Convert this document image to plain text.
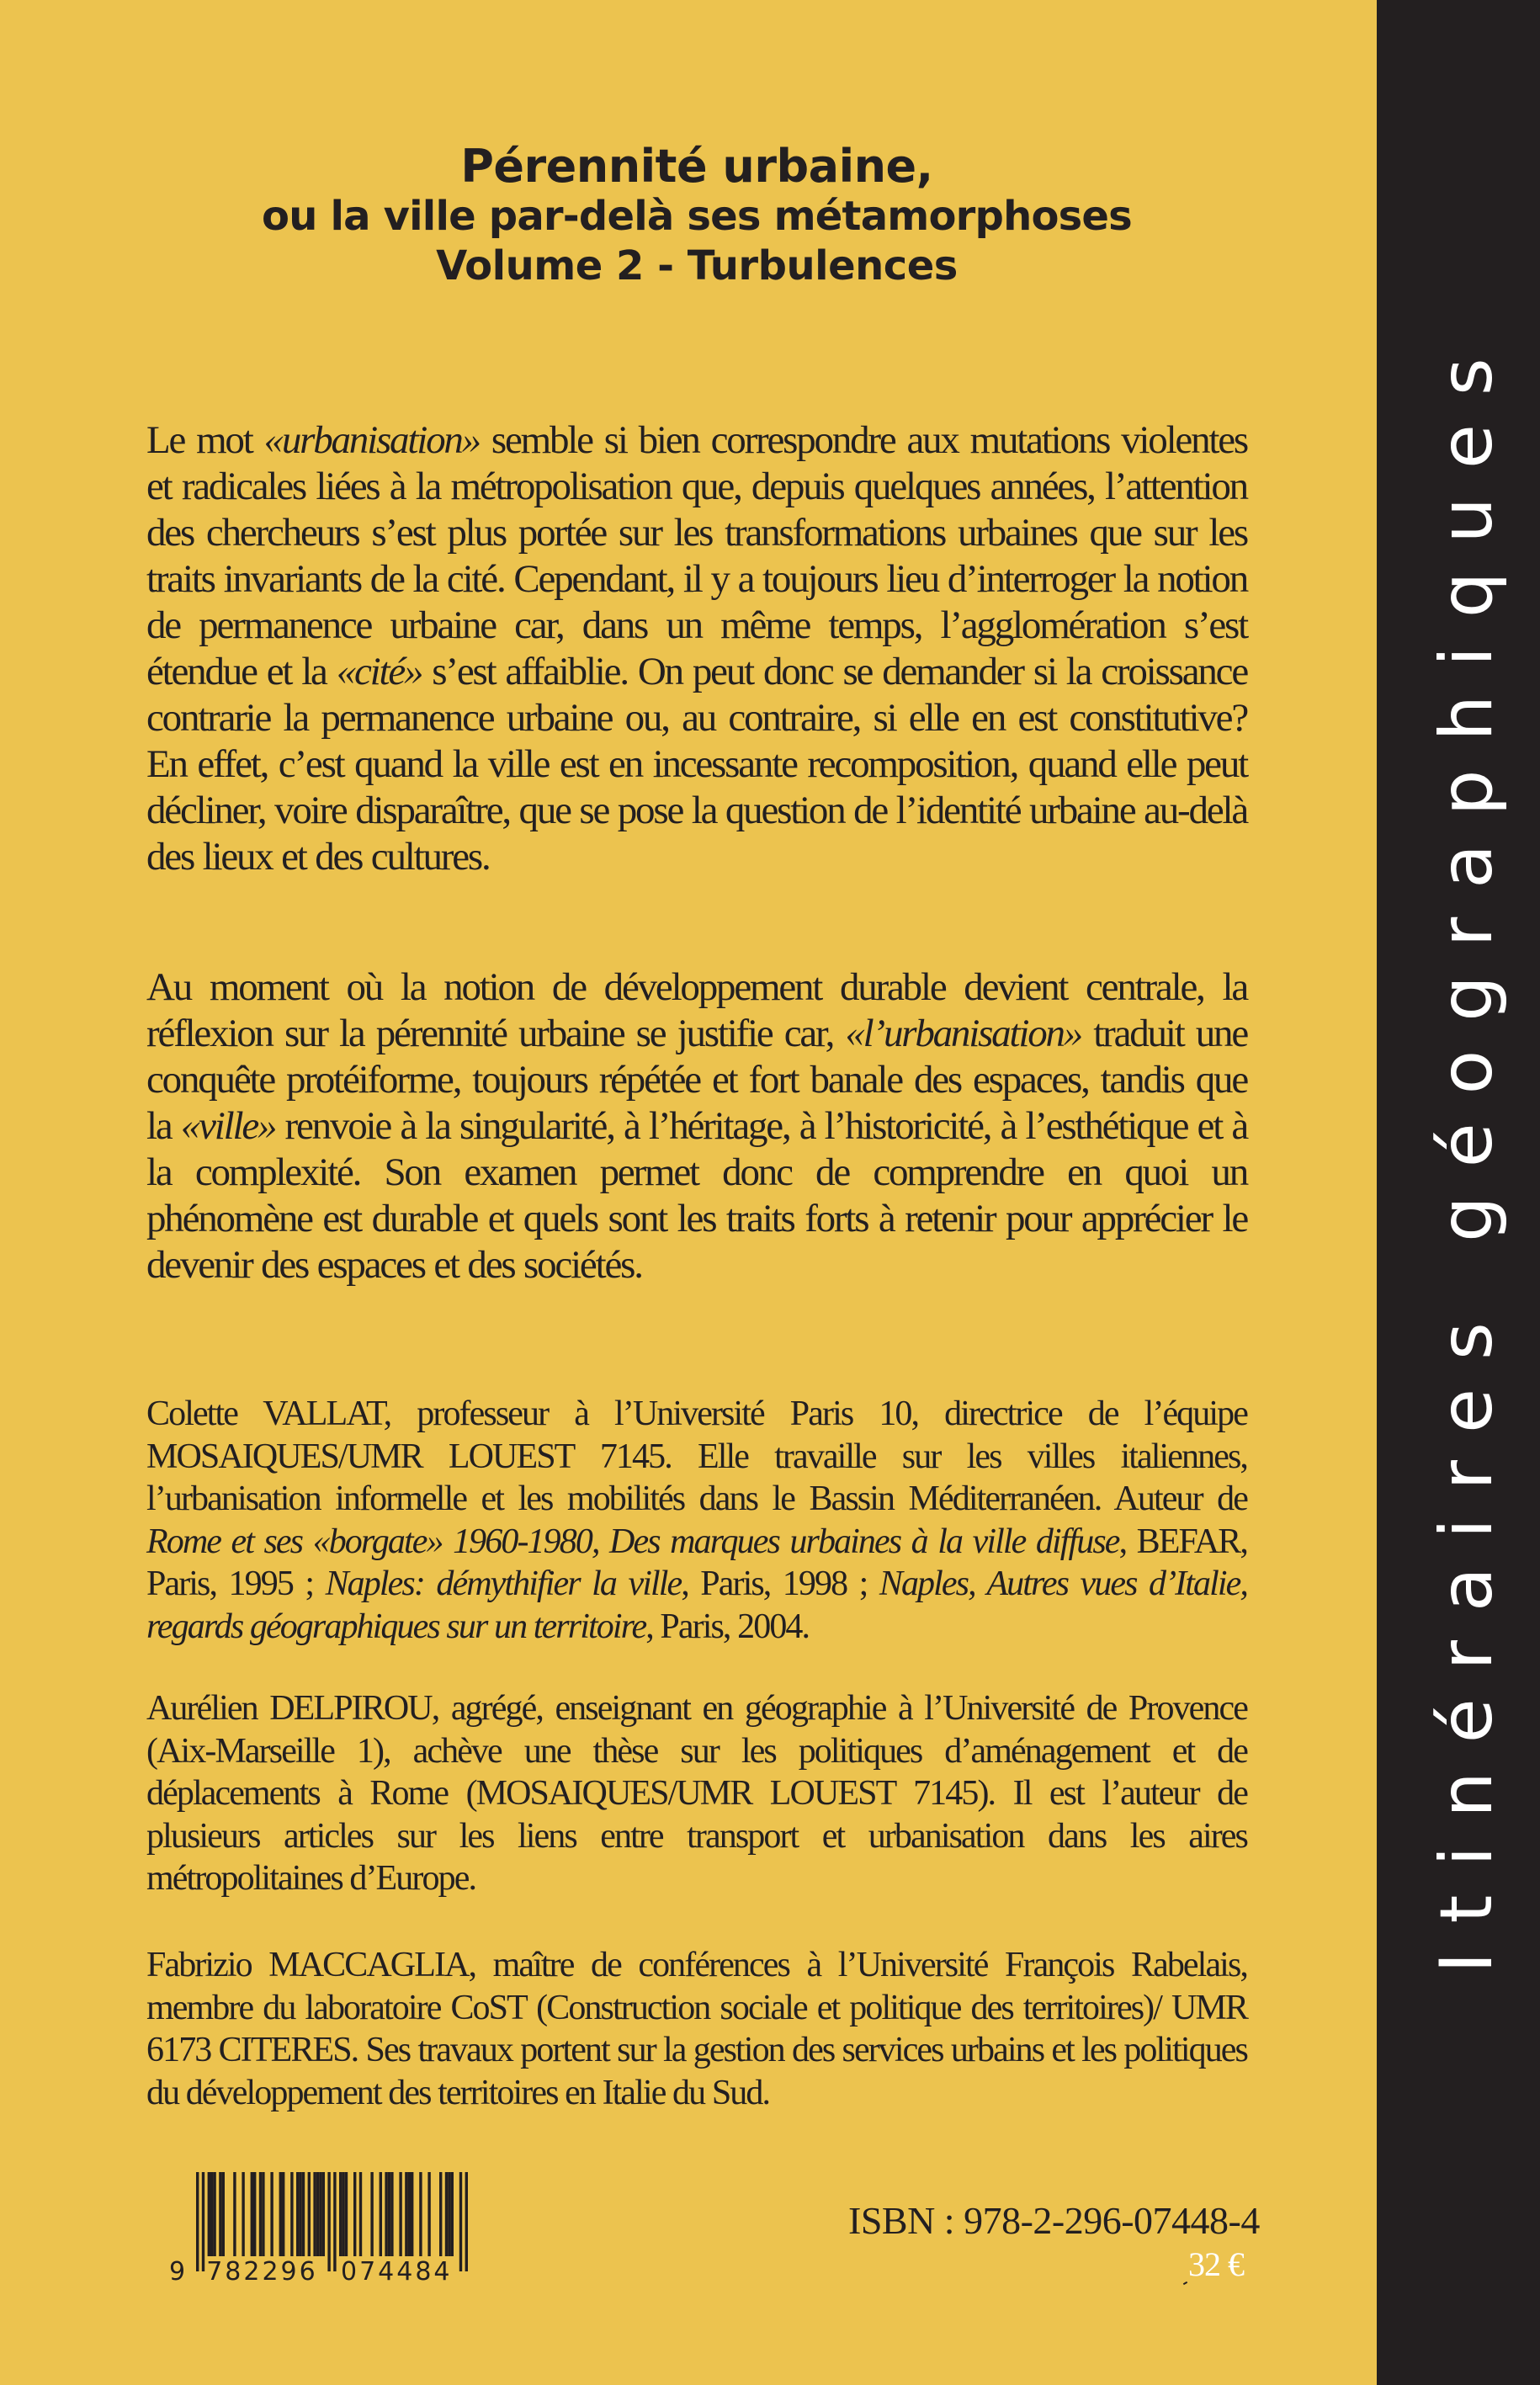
Itinéraires géographiques
Pérennité urbaine,
ou la ville par-delà ses métamorphoses
Volume 2 - Turbulences

Le mot «urbanisation» semble si bien correspondre aux mutations violentes et radicales liées à la métropolisation que, depuis quelques années, l’attention des chercheurs s’est plus portée sur les transformations urbaines que sur les traits invariants de la cité. Cependant, il y a toujours lieu d’interroger la notion de permanence urbaine car, dans un même temps, l’agglomération s’est étendue et la «cité» s’est affaiblie. On peut donc se demander si la croissance contrarie la permanence urbaine ou, au contraire, si elle en est constitutive? En effet, c’est quand la ville est en incessante recomposition, quand elle peut décliner, voire disparaître, que se pose la question de l’identité urbaine au-delà des lieux et des cultures.

Au moment où la notion de développement durable devient centrale, la réflexion sur la pérennité urbaine se justifie car, «l’urbanisation» traduit une conquête protéiforme, toujours répétée et fort banale des espaces, tandis que la «ville» renvoie à la singularité, à l’héritage, à l’historicité, à l’esthétique et à la complexité. Son examen permet donc de comprendre en quoi un phénomène est durable et quels sont les traits forts à retenir pour apprécier le devenir des espaces et des sociétés.

Colette VALLAT, professeur à l’Université Paris 10, directrice de l’équipe MOSAIQUES/UMR LOUEST 7145. Elle travaille sur les villes italiennes, l’urbanisation informelle et les mobilités dans le Bassin Méditerranéen. Auteur de Rome et ses «borgate» 1960-1980, Des marques urbaines à la ville diffuse, BEFAR, Paris, 1995 ; Naples: démythifier la ville, Paris, 1998 ; Naples, Autres vues d’Italie, regards géographiques sur un territoire, Paris, 2004.

Aurélien DELPIROU, agrégé, enseignant en géographie à l’Université de Provence (Aix-Marseille 1), achève une thèse sur les politiques d’aménagement et de déplacements à Rome (MOSAIQUES/UMR LOUEST 7145). Il est l’auteur de plusieurs articles sur les liens entre transport et urbanisation dans les aires métropolitaines d’Europe.

Fabrizio MACCAGLIA, maître de conférences à l’Université François Rabelais, membre du laboratoire CoST (Construction sociale et politique des territoires)/ UMR 6173 CITERES. Ses travaux portent sur la gestion des services urbains et les politiques du développement des territoires en Italie du Sud.

9 782296 074484
ISBN : 978-2-296-07448-4
32 €
